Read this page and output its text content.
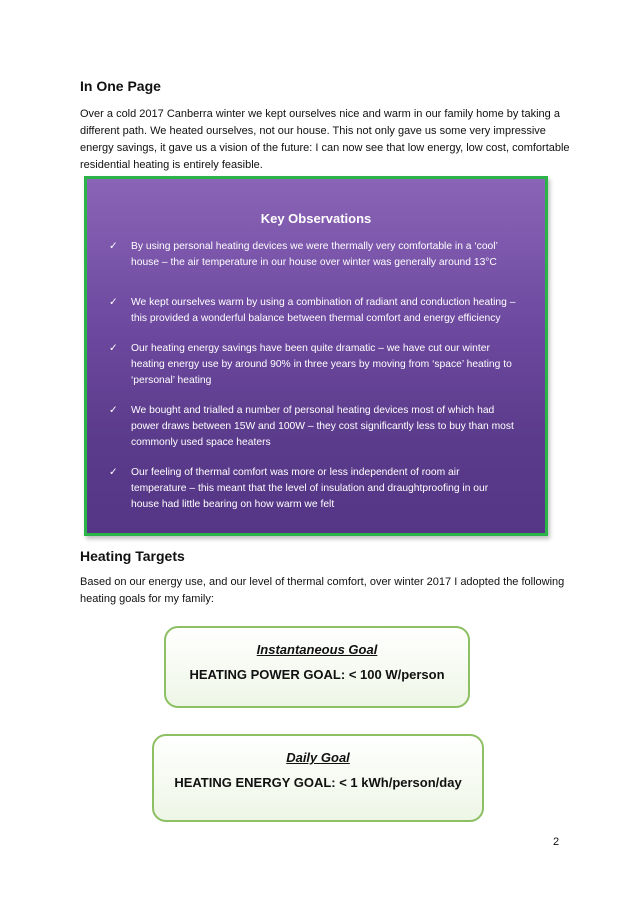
In One Page
Over a cold 2017 Canberra winter we kept ourselves nice and warm in our family home by taking a
different path. We heated ourselves, not our house. This not only gave us some very impressive
energy savings, it gave us a vision of the future: I can now see that low energy, low cost, comfortable
residential heating is entirely feasible.
Key Observations
✓	By using personal heating devices we were thermally very comfortable in a ‘cool’
house – the air temperature in our house over winter was generally around 13°C
✓	We kept ourselves warm by using a combination of radiant and conduction heating –
this provided a wonderful balance between thermal comfort and energy efficiency
✓	Our heating energy savings have been quite dramatic – we have cut our winter
heating energy use by around 90% in three years by moving from ‘space’ heating to
‘personal’ heating
✓	We bought and trialled a number of personal heating devices most of which had
power draws between 15W and 100W – they cost significantly less to buy than most
commonly used space heaters
✓	Our feeling of thermal comfort was more or less independent of room air
temperature – this meant that the level of insulation and draughtproofing in our
house had little bearing on how warm we felt
Heating Targets
Based on our energy use, and our level of thermal comfort, over winter 2017 I adopted the following
heating goals for my family:
Instantaneous Goal
HEATING POWER GOAL: < 100 W/person
Daily Goal
HEATING ENERGY GOAL: < 1 kWh/person/day
2
